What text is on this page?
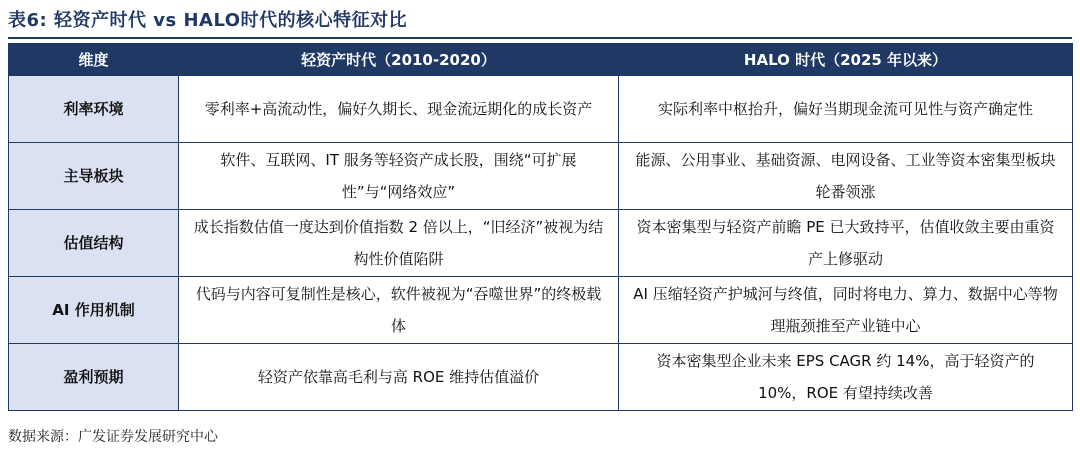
表6: 轻资产时代 vs HALO时代的核心特征对比
维度	轻资产时代（2010-2020）	HALO 时代（2025 年以来）
利率环境	零利率+高流动性，偏好久期长、现金流远期化的成长资产	实际利率中枢抬升，偏好当期现金流可见性与资产确定性
主导板块	软件、互联网、IT 服务等轻资产成长股，围绕“可扩展性”与“网络效应”	能源、公用事业、基础资源、电网设备、工业等资本密集型板块轮番领涨
估值结构	成长指数估值一度达到价值指数 2 倍以上，“旧经济”被视为结构性价值陷阱	资本密集型与轻资产前瞻 PE 已大致持平，估值收敛主要由重资产上修驱动
AI 作用机制	代码与内容可复制性是核心，软件被视为“吞噬世界”的终极载体	AI 压缩轻资产护城河与终值，同时将电力、算力、数据中心等物理瓶颈推至产业链中心
盈利预期	轻资产依靠高毛利与高 ROE 维持估值溢价	资本密集型企业未来 EPS CAGR 约 14%，高于轻资产的 10%，ROE 有望持续改善
数据来源：广发证券发展研究中心
